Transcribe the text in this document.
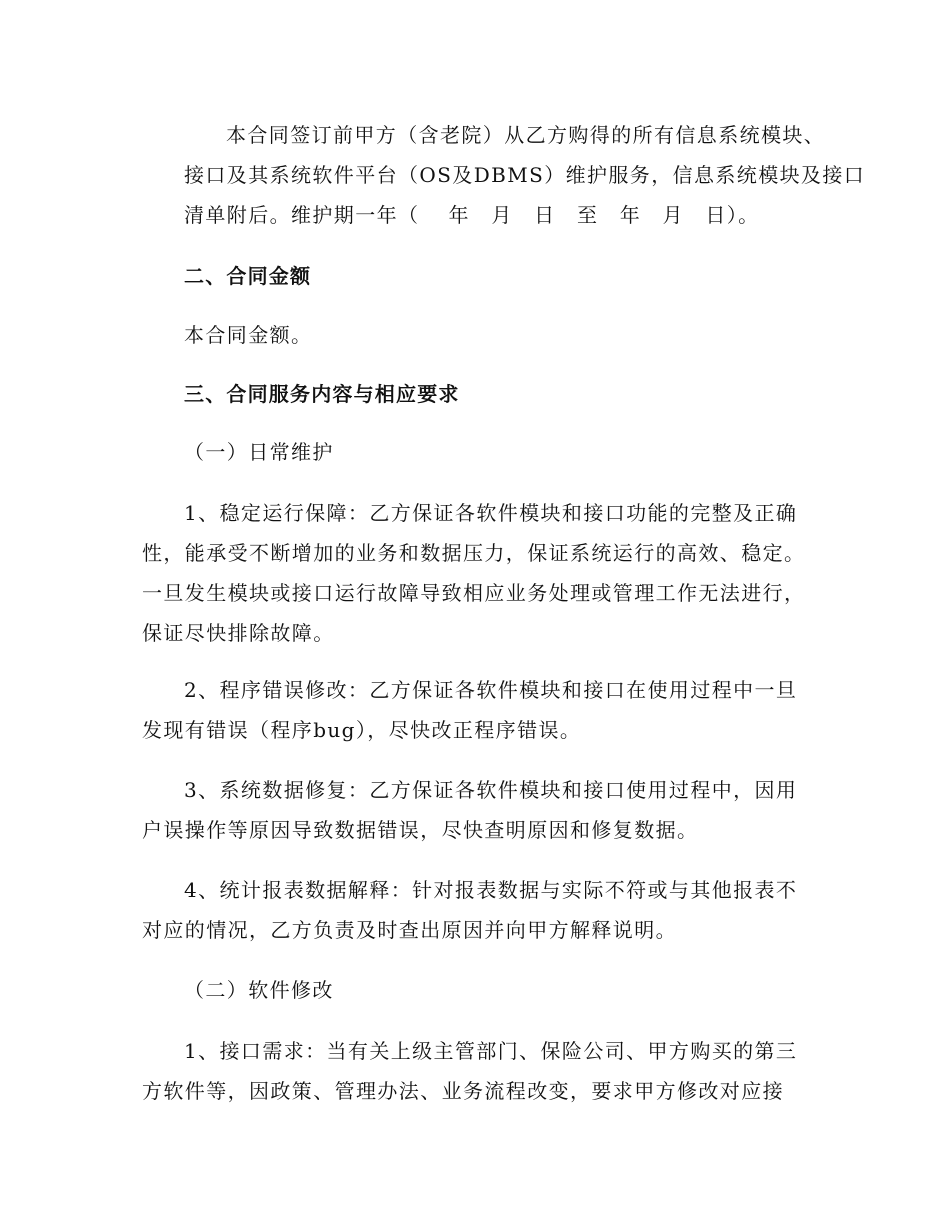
本合同签订前甲方（含老院）从乙方购得的所有信息系统模块、
接口及其系统软件平台（OS及DBMS）维护服务，信息系统模块及接口
清单附后。维护期一年（　 年　月　日　至　年　月　日）。
二、合同金额
本合同金额。
三、合同服务内容与相应要求
（一）日常维护
1、稳定运行保障：乙方保证各软件模块和接口功能的完整及正确
性，能承受不断增加的业务和数据压力，保证系统运行的高效、稳定。
一旦发生模块或接口运行故障导致相应业务处理或管理工作无法进行，
保证尽快排除故障。
2、程序错误修改：乙方保证各软件模块和接口在使用过程中一旦
发现有错误（程序bug），尽快改正程序错误。
3、系统数据修复：乙方保证各软件模块和接口使用过程中，因用
户误操作等原因导致数据错误，尽快查明原因和修复数据。
4、统计报表数据解释：针对报表数据与实际不符或与其他报表不
对应的情况，乙方负责及时查出原因并向甲方解释说明。
（二）软件修改
1、接口需求：当有关上级主管部门、保险公司、甲方购买的第三
方软件等，因政策、管理办法、业务流程改变，要求甲方修改对应接
